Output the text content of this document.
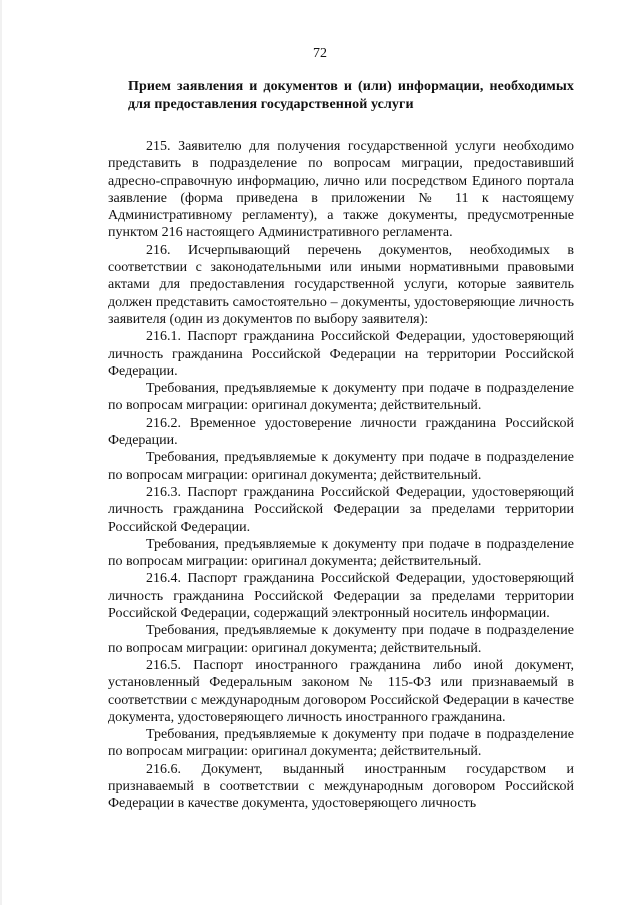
72
Прием заявления и документов и (или) информации, необходимых для предоставления государственной услуги

215. Заявителю для получения государственной услуги необходимо представить в подразделение по вопросам миграции, предоставивший адресно-справочную информацию, лично или посредством Единого портала заявление (форма приведена в приложении № 11 к настоящему Административному регламенту), а также документы, предусмотренные пунктом 216 настоящего Административного регламента.

216. Исчерпывающий перечень документов, необходимых в соответствии с законодательными или иными нормативными правовыми актами для предоставления государственной услуги, которые заявитель должен представить самостоятельно – документы, удостоверяющие личность заявителя (один из документов по выбору заявителя):

216.1. Паспорт гражданина Российской Федерации, удостоверяющий личность гражданина Российской Федерации на территории Российской Федерации.

Требования, предъявляемые к документу при подаче в подразделение по вопросам миграции: оригинал документа; действительный.

216.2. Временное удостоверение личности гражданина Российской Федерации.

Требования, предъявляемые к документу при подаче в подразделение по вопросам миграции: оригинал документа; действительный.

216.3. Паспорт гражданина Российской Федерации, удостоверяющий личность гражданина Российской Федерации за пределами территории Российской Федерации.

Требования, предъявляемые к документу при подаче в подразделение по вопросам миграции: оригинал документа; действительный.

216.4. Паспорт гражданина Российской Федерации, удостоверяющий личность гражданина Российской Федерации за пределами территории Российской Федерации, содержащий электронный носитель информации.

Требования, предъявляемые к документу при подаче в подразделение по вопросам миграции: оригинал документа; действительный.

216.5. Паспорт иностранного гражданина либо иной документ, установленный Федеральным законом № 115-ФЗ или признаваемый в соответствии с международным договором Российской Федерации в качестве документа, удостоверяющего личность иностранного гражданина.

Требования, предъявляемые к документу при подаче в подразделение по вопросам миграции: оригинал документа; действительный.

216.6. Документ, выданный иностранным государством и признаваемый в соответствии с международным договором Российской Федерации в качестве документа, удостоверяющего личность
